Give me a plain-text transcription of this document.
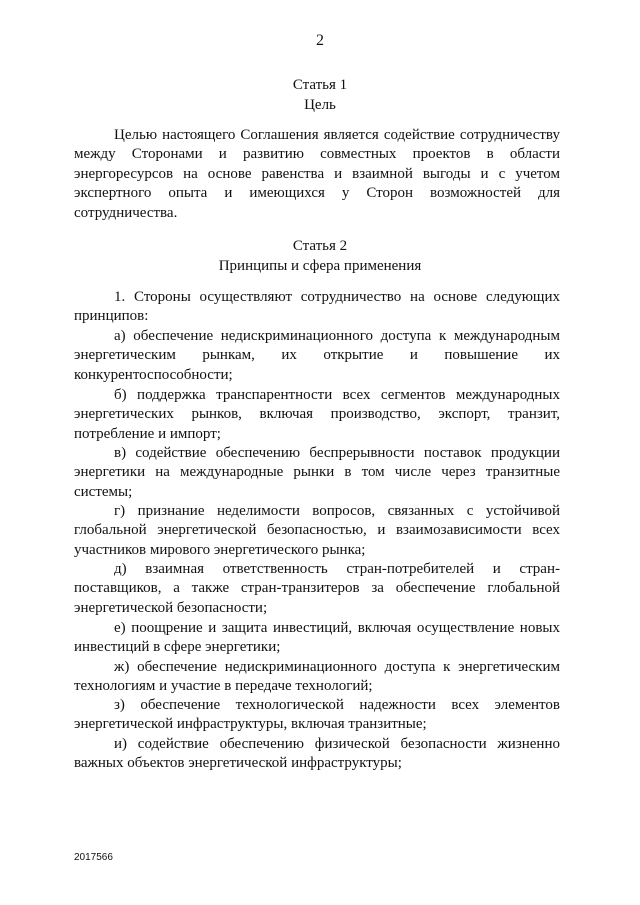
2
Статья 1
Цель
Целью настоящего Соглашения является содействие сотрудничеству между Сторонами и развитию совместных проектов в области энергоресурсов на основе равенства и взаимной выгоды и с учетом экспертного опыта и имеющихся у Сторон возможностей для сотрудничества.
Статья 2
Принципы и сфера применения
1. Стороны осуществляют сотрудничество на основе следующих принципов:
а) обеспечение недискриминационного доступа к международным энергетическим рынкам, их открытие и повышение их конкурентоспособности;
б) поддержка транспарентности всех сегментов международных энергетических рынков, включая производство, экспорт, транзит, потребление и импорт;
в) содействие обеспечению беспрерывности поставок продукции энергетики на международные рынки в том числе через транзитные системы;
г) признание неделимости вопросов, связанных с устойчивой глобальной энергетической безопасностью, и взаимозависимости всех участников мирового энергетического рынка;
д) взаимная ответственность стран-потребителей и стран-поставщиков, а также стран-транзитеров за обеспечение глобальной энергетической безопасности;
е) поощрение и защита инвестиций, включая осуществление новых инвестиций в сфере энергетики;
ж) обеспечение недискриминационного доступа к энергетическим технологиям и участие в передаче технологий;
з) обеспечение технологической надежности всех элементов энергетической инфраструктуры, включая транзитные;
и) содействие обеспечению физической безопасности жизненно важных объектов энергетической инфраструктуры;
2017566
